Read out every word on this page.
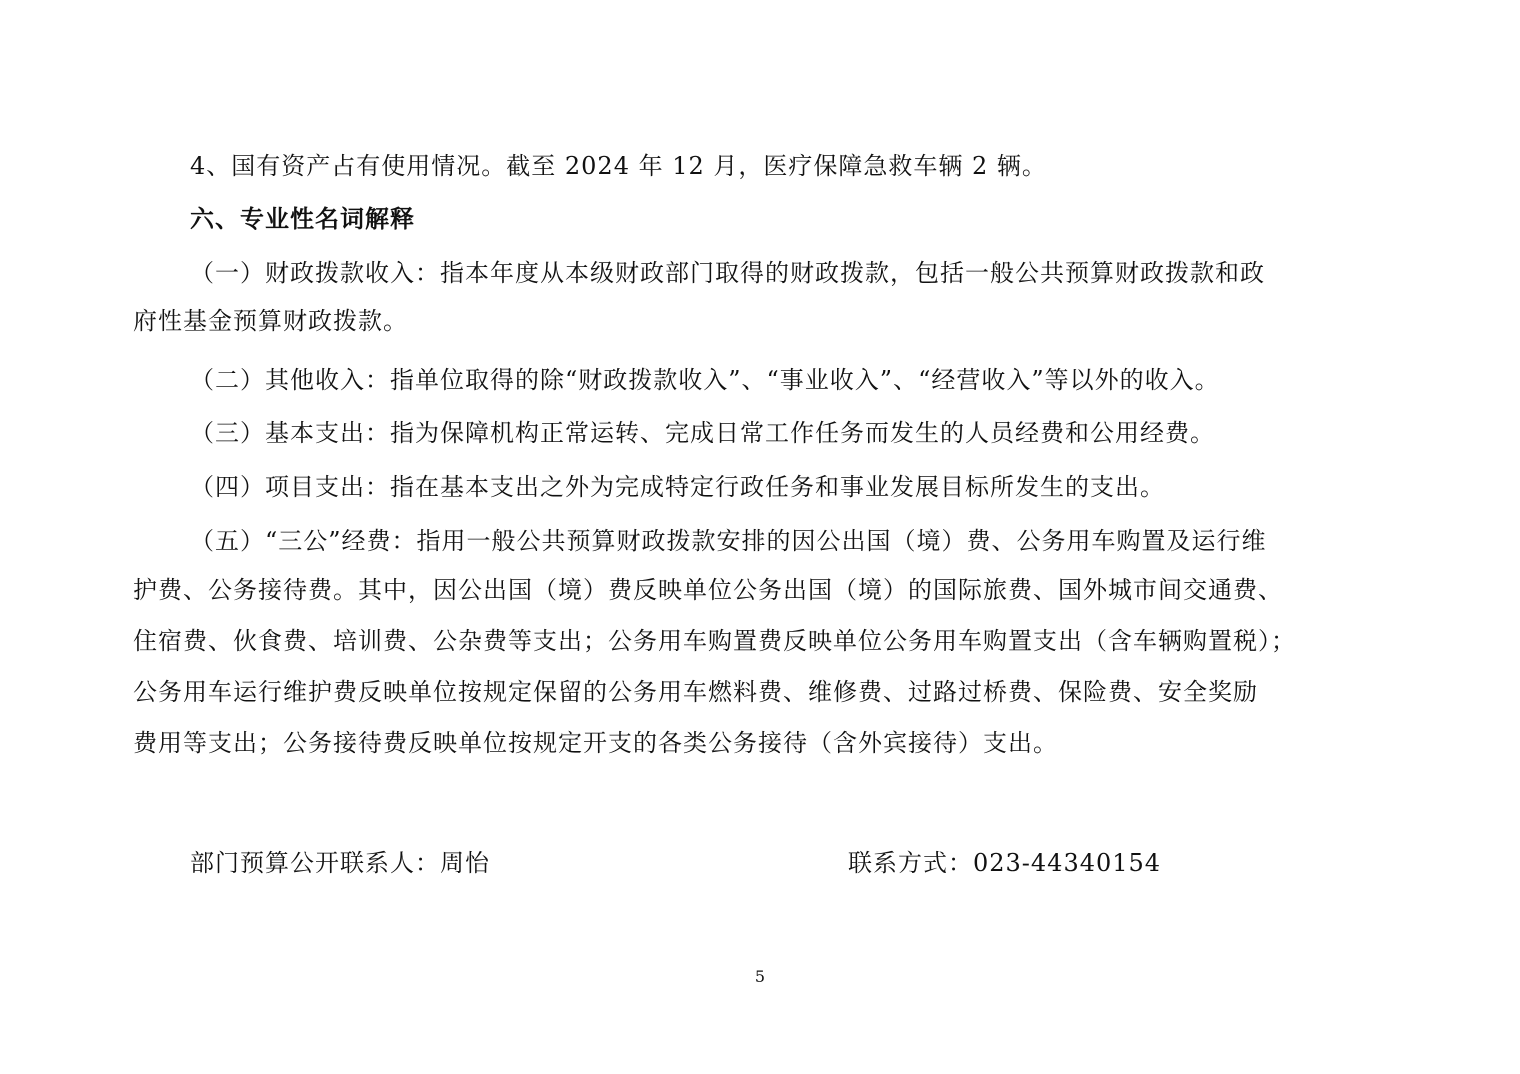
4、国有资产占有使用情况。截至 2024 年 12 月，医疗保障急救车辆 2 辆。
六、专业性名词解释
（一）财政拨款收入：指本年度从本级财政部门取得的财政拨款，包括一般公共预算财政拨款和政
府性基金预算财政拨款。
（二）其他收入：指单位取得的除“财政拨款收入”、“事业收入”、“经营收入”等以外的收入。
（三）基本支出：指为保障机构正常运转、完成日常工作任务而发生的人员经费和公用经费。
（四）项目支出：指在基本支出之外为完成特定行政任务和事业发展目标所发生的支出。
（五）“三公”经费：指用一般公共预算财政拨款安排的因公出国（境）费、公务用车购置及运行维
护费、公务接待费。其中，因公出国（境）费反映单位公务出国（境）的国际旅费、国外城市间交通费、
住宿费、伙食费、培训费、公杂费等支出；公务用车购置费反映单位公务用车购置支出（含车辆购置税）；
公务用车运行维护费反映单位按规定保留的公务用车燃料费、维修费、过路过桥费、保险费、安全奖励
费用等支出；公务接待费反映单位按规定开支的各类公务接待（含外宾接待）支出。
部门预算公开联系人：周怡	联系方式：023-44340154
5
